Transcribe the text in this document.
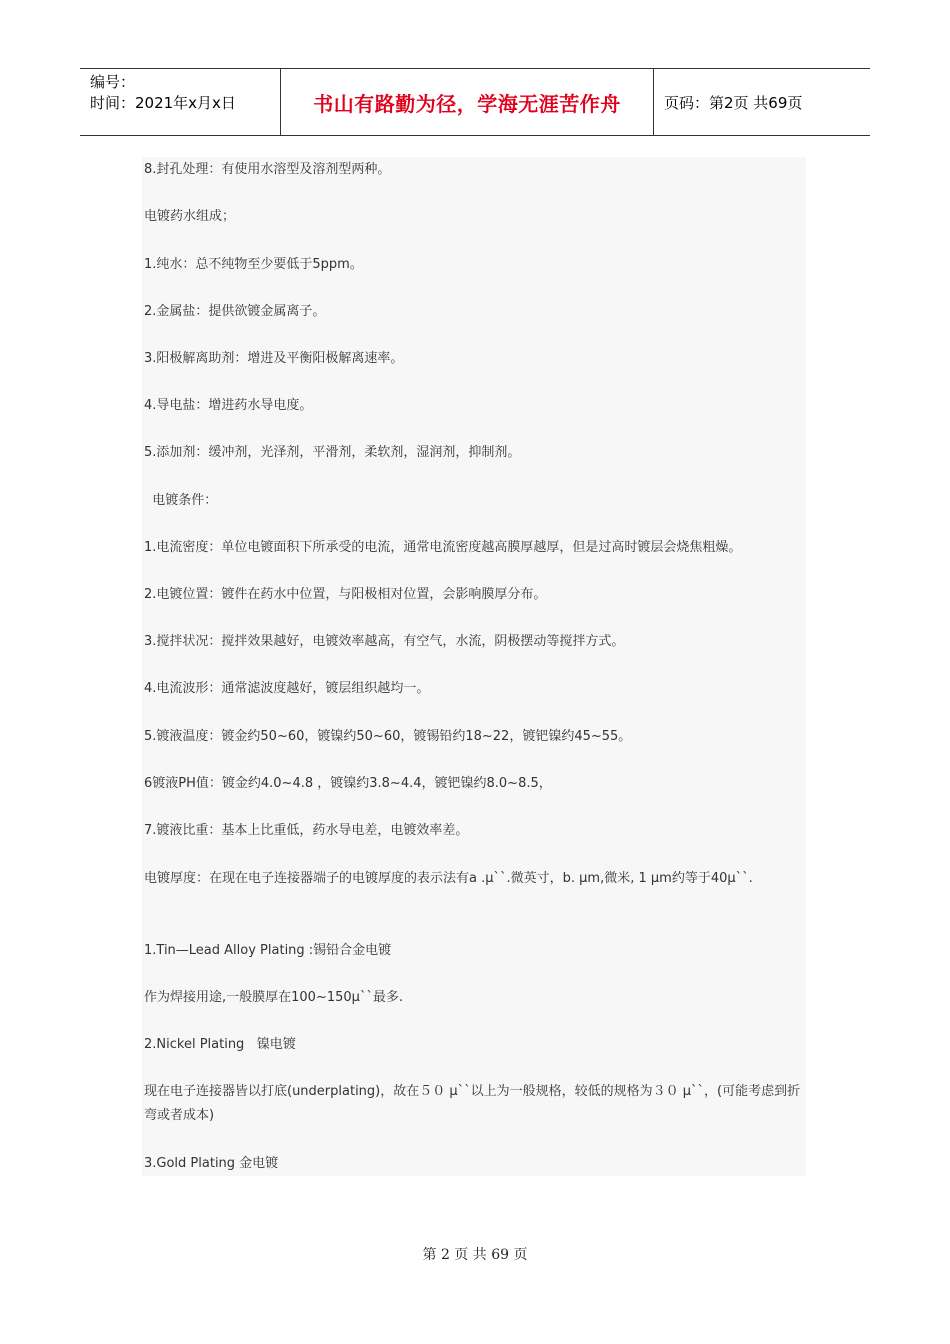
编号：
时间：2021年x月x日	书山有路勤为径，学海无涯苦作舟	页码：第2页 共69页
8.封孔处理：有使用水溶型及溶剂型两种。
电镀药水组成；
1.纯水：总不纯物至少要低于5ppm。
2.金属盐：提供欲镀金属离子。
3.阳极解离助剂：增进及平衡阳极解离速率。
4.导电盐：增进药水导电度。
5.添加剂：缓冲剂，光泽剂，平滑剂，柔软剂，湿润剂，抑制剂。
电镀条件：
1.电流密度：单位电镀面积下所承受的电流，通常电流密度越高膜厚越厚，但是过高时镀层会烧焦粗燥。
2.电镀位置：镀件在药水中位置，与阳极相对位置，会影响膜厚分布。
3.搅拌状况：搅拌效果越好，电镀效率越高，有空气，水流，阴极摆动等搅拌方式。
4.电流波形：通常滤波度越好，镀层组织越均一。
5.镀液温度：镀金约50~60，镀镍约50~60，镀锡铅约18~22，镀钯镍约45~55。
6镀液PH值：镀金约4.0~4.8 ，镀镍约3.8~4.4，镀钯镍约8.0~8.5，
7.镀液比重：基本上比重低，药水导电差，电镀效率差。
电镀厚度：在现在电子连接器端子的电镀厚度的表示法有a .μ``.微英寸，b. μm,微米, 1 μm约等于40μ``.
1.Tin—Lead Alloy Plating :锡铅合金电镀
作为焊接用途,一般膜厚在100~150μ``最多.
2.Nickel Plating   镍电镀
现在电子连接器皆以打底(underplating)，故在５０ μ``以上为一般规格，较低的规格为３０ μ``，(可能考虑到折弯或者成本)
3.Gold Plating 金电镀
第 2 页 共 69 页
